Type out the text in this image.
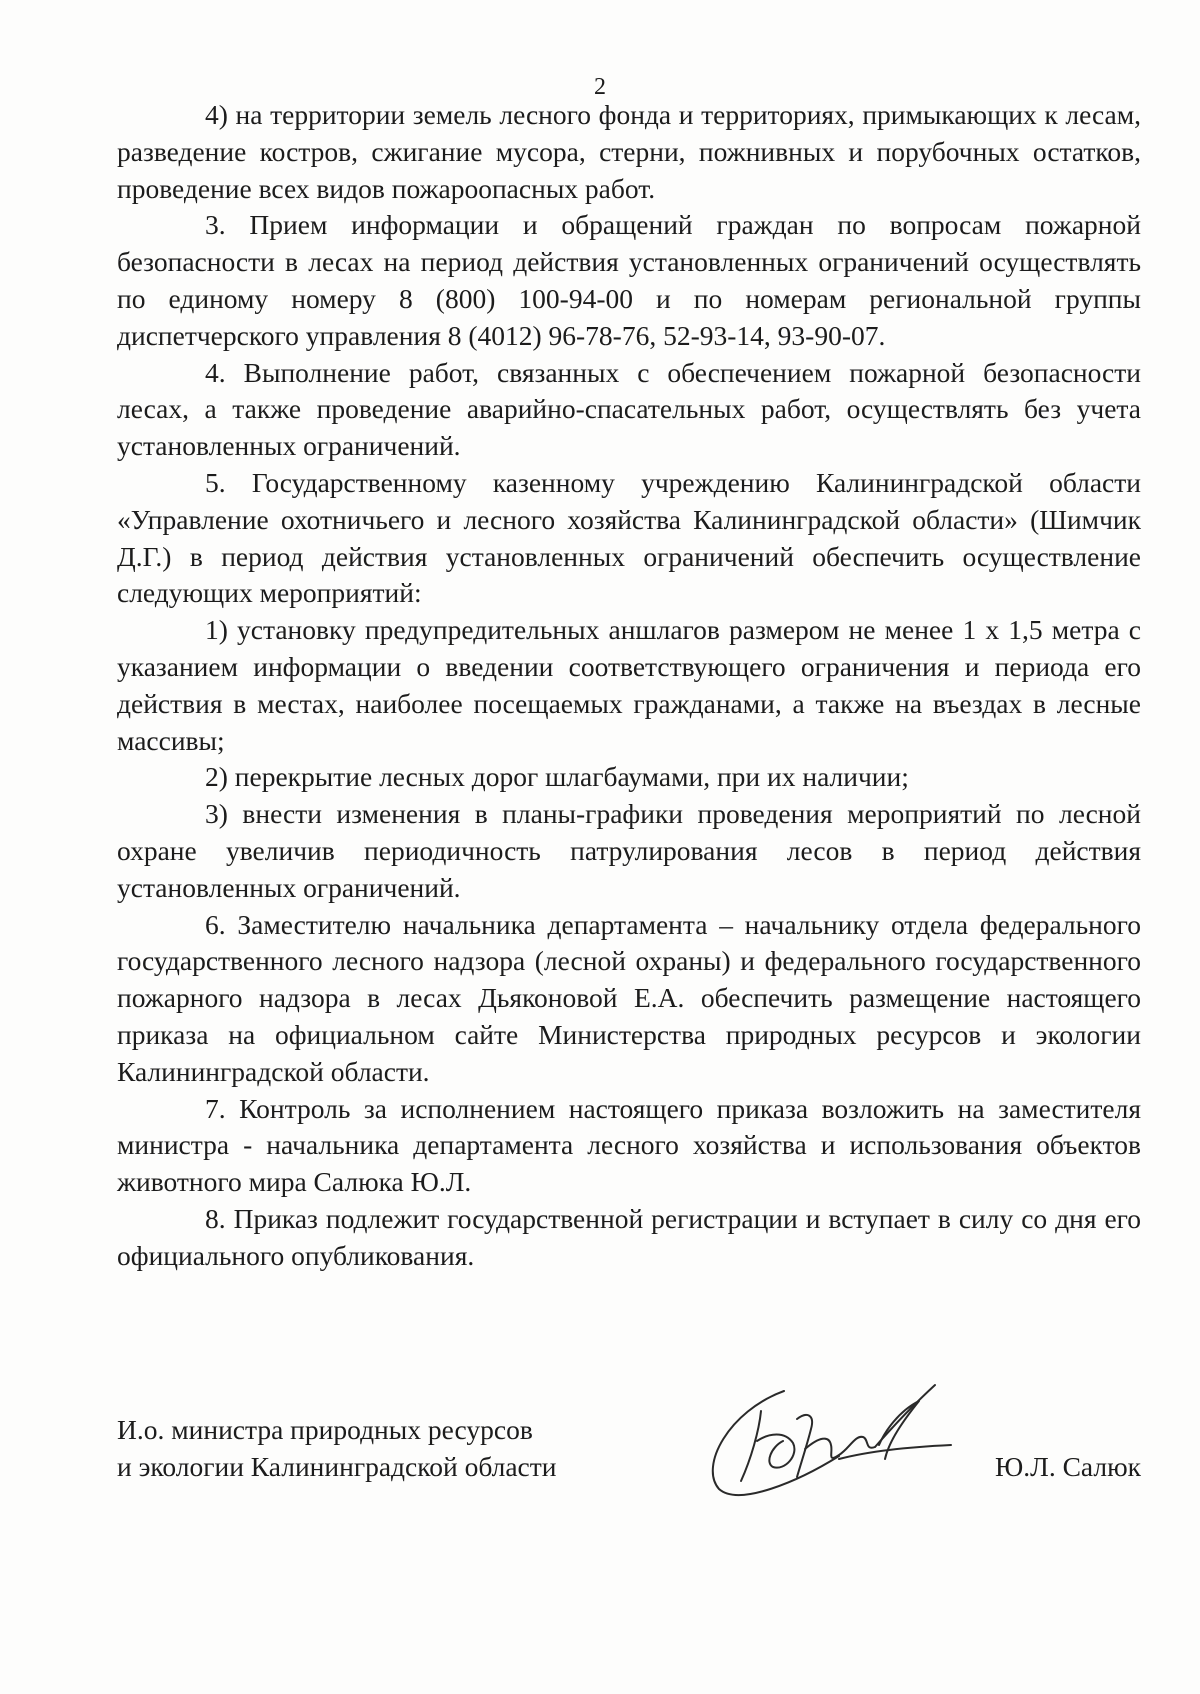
2

4) на территории земель лесного фонда и территориях, примыкающих к лесам, разведение костров, сжигание мусора, стерни, пожнивных и порубочных остатков, проведение всех видов пожароопасных работ.

3. Прием информации и обращений граждан по вопросам пожарной безопасности в лесах на период действия установленных ограничений осуществлять по единому номеру 8 (800) 100-94-00 и по номерам региональной группы диспетчерского управления 8 (4012) 96-78-76, 52-93-14, 93-90-07.

4. Выполнение работ, связанных с обеспечением пожарной безопасности лесах, а также проведение аварийно-спасательных работ, осуществлять без учета установленных ограничений.

5. Государственному казенному учреждению Калининградской области «Управление охотничьего и лесного хозяйства Калининградской области» (Шимчик Д.Г.) в период действия установленных ограничений обеспечить осуществление следующих мероприятий:

1) установку предупредительных аншлагов размером не менее 1 х 1,5 метра с указанием информации о введении соответствующего ограничения и периода его действия в местах, наиболее посещаемых гражданами, а также на въездах в лесные массивы;

2) перекрытие лесных дорог шлагбаумами, при их наличии;

3) внести изменения в планы-графики проведения мероприятий по лесной охране увеличив периодичность патрулирования лесов в период действия установленных ограничений.

6. Заместителю начальника департамента – начальнику отдела федерального государственного лесного надзора (лесной охраны) и федерального государственного пожарного надзора в лесах Дьяконовой Е.А. обеспечить размещение настоящего приказа на официальном сайте Министерства природных ресурсов и экологии Калининградской области.

7. Контроль за исполнением настоящего приказа возложить на заместителя министра - начальника департамента лесного хозяйства и использования объектов животного мира Салюка Ю.Л.

8. Приказ подлежит государственной регистрации и вступает в силу со дня его официального опубликования.

И.о. министра природных ресурсов
и экологии Калининградской области	Ю.Л. Салюк
